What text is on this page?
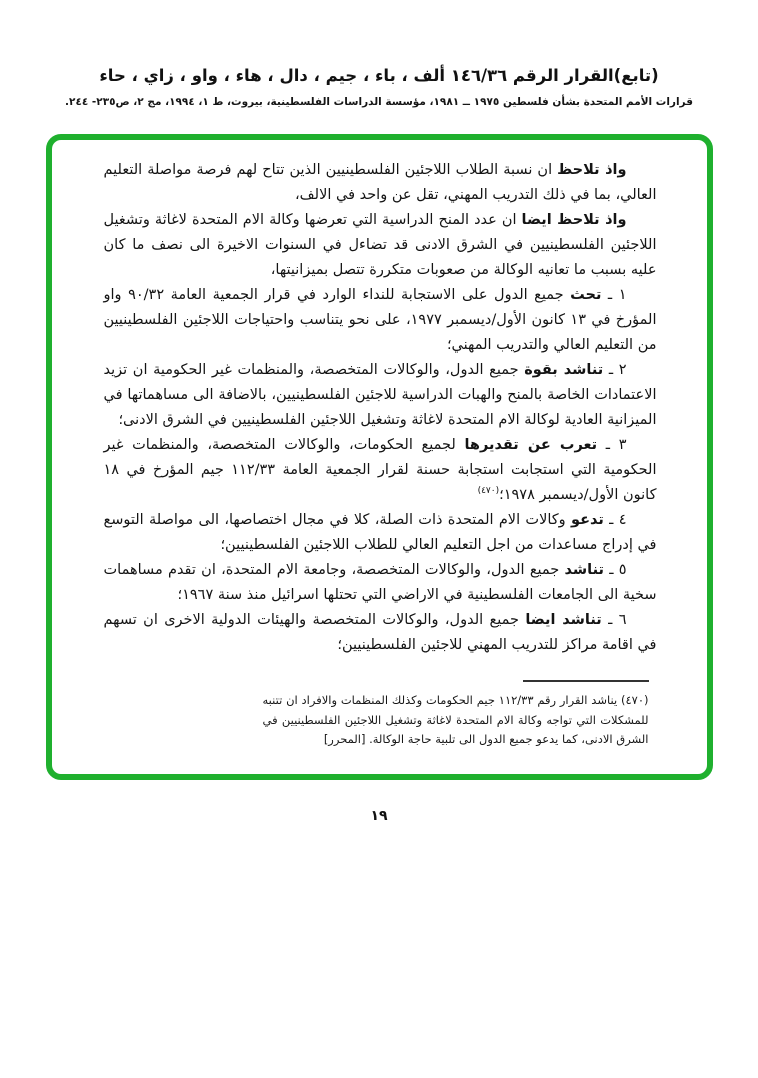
(تابع)القرار الرقم ١٤٦/٣٦ ألف ، باء ، جيم ، دال ، هاء ، واو ، زاي ، حاء
قرارات الأمم المتحدة بشأن فلسطين ١٩٧٥ ــ ١٩٨١، مؤسسة الدراسات الفلسطينية، بيروت، ط ١، ١٩٩٤، مج ٢، ص٢٣٥- ٢٤٤.

واذ تلاحظ ان نسبة الطلاب اللاجئين الفلسطينيين الذين تتاح لهم فرصة مواصلة التعليم العالي، بما في ذلك التدريب المهني، تقل عن واحد في الالف،

واذ تلاحظ ايضا ان عدد المنح الدراسية التي تعرضها وكالة الام المتحدة لاغاثة وتشغيل اللاجئين الفلسطينيين في الشرق الادنى قد تضاءل في السنوات الاخيرة الى نصف ما كان عليه بسبب ما تعانيه الوكالة من صعوبات متكررة تتصل بميزانيتها،

١ ـ تحث جميع الدول على الاستجابة للنداء الوارد في قرار الجمعية العامة ٩٠/٣٢ واو المؤرخ في ١٣ كانون الأول/ديسمبر ١٩٧٧، على نحو يتناسب واحتياجات اللاجئين الفلسطينيين من التعليم العالي والتدريب المهني؛

٢ ـ تناشد بقوة جميع الدول، والوكالات المتخصصة، والمنظمات غير الحكومية ان تزيد الاعتمادات الخاصة بالمنح والهبات الدراسية للاجئين الفلسطينيين، بالاضافة الى مساهماتها في الميزانية العادية لوكالة الام المتحدة لاغاثة وتشغيل اللاجئين الفلسطينيين في الشرق الادنى؛

٣ ـ تعرب عن تقديرها لجميع الحكومات، والوكالات المتخصصة، والمنظمات غير الحكومية التي استجابت استجابة حسنة لقرار الجمعية العامة ١١٢/٣٣ جيم المؤرخ في ١٨ كانون الأول/ديسمبر ١٩٧٨؛$^{(٤٧٠)}$

٤ ـ تدعو وكالات الام المتحدة ذات الصلة، كلا في مجال اختصاصها، الى مواصلة التوسع في إدراج مساعدات من اجل التعليم العالي للطلاب اللاجئين الفلسطينيين؛

٥ ـ تناشد جميع الدول، والوكالات المتخصصة، وجامعة الام المتحدة، ان تقدم مساهمات سخية الى الجامعات الفلسطينية في الاراضي التي تحتلها اسرائيل منذ سنة ١٩٦٧؛

٦ ـ تناشد ايضا جميع الدول، والوكالات المتخصصة والهيئات الدولية الاخرى ان تسهم في اقامة مراكز للتدريب المهني للاجئين الفلسطينيين؛

(٤٧٠) يناشد القرار رقم ١١٢/٣٣ جيم الحكومات وكذلك المنظمات والافراد ان تتنبه للمشكلات التي تواجه وكالة الام المتحدة لاغاثة وتشغيل اللاجئين الفلسطينيين في الشرق الادنى، كما يدعو جميع الدول الى تلبية حاجة الوكالة. [المحرر]

١٩
